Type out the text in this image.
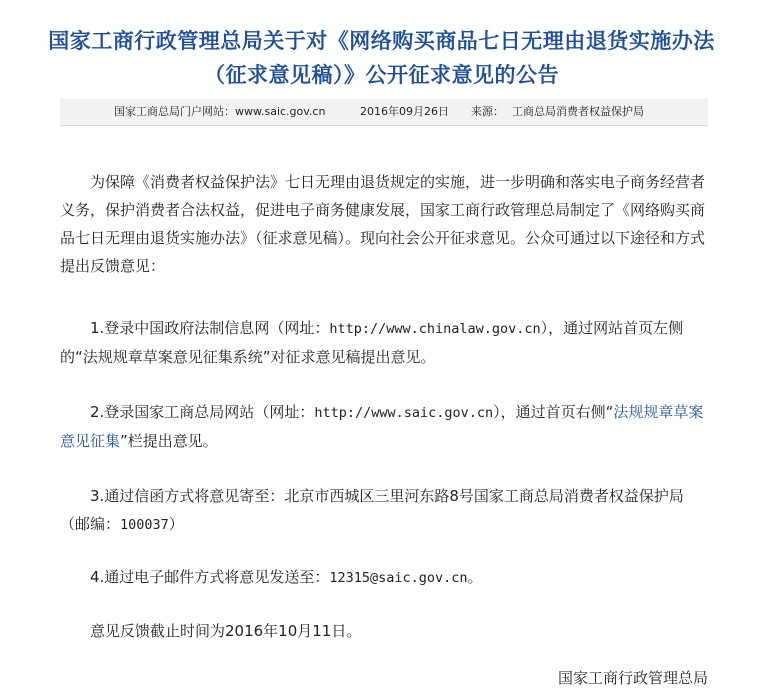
国家工商行政管理总局关于对《网络购买商品七日无理由退货实施办法（征求意见稿）》公开征求意见的公告
国家工商总局门户网站：www.saic.gov.cn	2016年09月26日 来源： 工商总局消费者权益保护局

为保障《消费者权益保护法》七日无理由退货规定的实施，进一步明确和落实电子商务经营者义务，保护消费者合法权益，促进电子商务健康发展，国家工商行政管理总局制定了《网络购买商品七日无理由退货实施办法》（征求意见稿）。现向社会公开征求意见。公众可通过以下途径和方式提出反馈意见：

1.登录中国政府法制信息网（网址：http://www.chinalaw.gov.cn），通过网站首页左侧的“法规规章草案意见征集系统”对征求意见稿提出意见。

2.登录国家工商总局网站（网址：http://www.saic.gov.cn），通过首页右侧“法规规章草案意见征集”栏提出意见。

3.通过信函方式将意见寄至：北京市西城区三里河东路8号国家工商总局消费者权益保护局（邮编：100037）

4.通过电子邮件方式将意见发送至：12315@saic.gov.cn。

意见反馈截止时间为2016年10月11日。

国家工商行政管理总局
